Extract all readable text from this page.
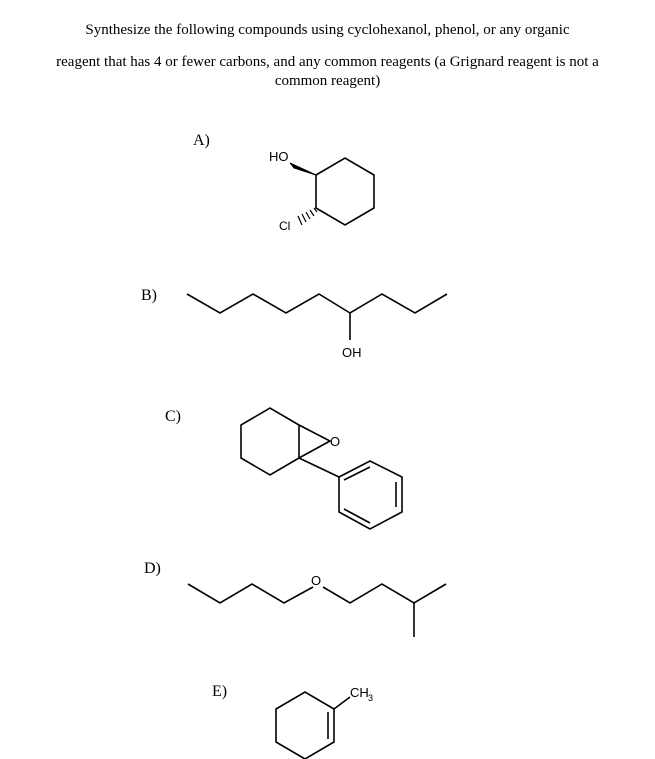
Synthesize the following compounds using cyclohexanol, phenol, or any organic
reagent that has 4 or fewer carbons, and any common reagents (a Grignard reagent is not a
common reagent)
A)
B)
C)
D)
E)
HO
Cl
OH
O
O
CH 3
